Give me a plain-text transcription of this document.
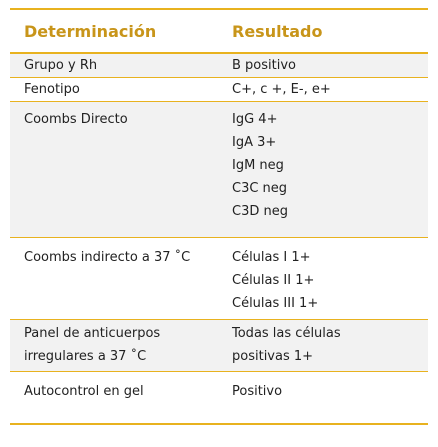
Determinación	Resultado

Grupo y Rh	B positivo

Fenotipo	C+, c +, E-, e+

Coombs Directo	IgG 4+
IgA 3+
IgM neg
C3C neg
C3D neg

Coombs indirecto a 37 ˚C	Células I 1+
Células II 1+
Células III 1+

Panel de anticuerpos
irregulares a 37 ˚C	Todas las células
positivas 1+

Autocontrol en gel	Positivo
